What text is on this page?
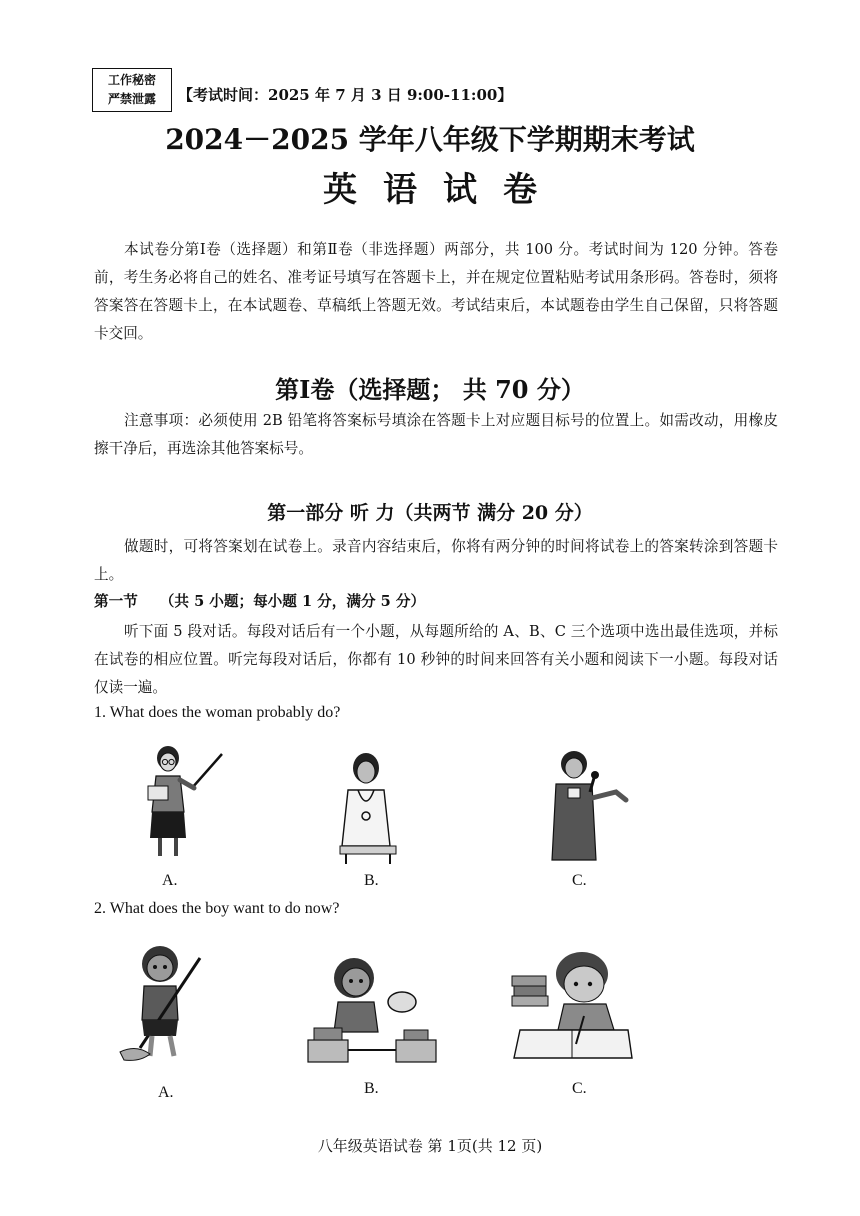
工作秘密
严禁泄露	【考试时间：2025 年 7 月 3 日 9:00-11:00】
2024－2025 学年八年级下学期期末考试
英语试卷
本试卷分第Ⅰ卷（选择题）和第Ⅱ卷（非选择题）两部分，共 100 分。考试时间为 120 分钟。答卷前，考生务必将自己的姓名、准考证号填写在答题卡上，并在规定位置粘贴考试用条形码。答卷时，须将答案答在答题卡上，在本试题卷、草稿纸上答题无效。考试结束后，本试题卷由学生自己保留，只将答题卡交回。
第Ⅰ卷（选择题； 共 70 分）
注意事项：必须使用 2B 铅笔将答案标号填涂在答题卡上对应题目标号的位置上。如需改动，用橡皮擦干净后，再选涂其他答案标号。
第一部分 听 力（共两节 满分 20 分）
做题时，可将答案划在试卷上。录音内容结束后，你将有两分钟的时间将试卷上的答案转涂到答题卡上。
第一节 （共 5 小题；每小题 1 分，满分 5 分）
听下面 5 段对话。每段对话后有一个小题，从每题所给的 A、B、C 三个选项中选出最佳选项，并标在试卷的相应位置。听完每段对话后，你都有 10 秒钟的时间来回答有关小题和阅读下一小题。每段对话仅读一遍。
1. What does the woman probably do?
A.	B.	C.
2. What does the boy want to do now?
A.	B.	C.
八年级英语试卷 第 1页(共 12 页)
